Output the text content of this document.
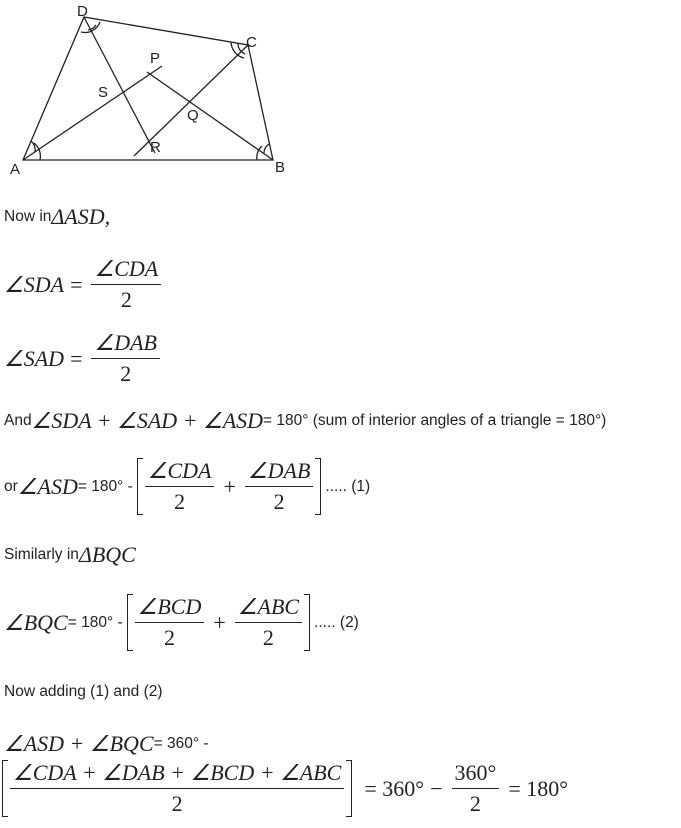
D
C
P
S
Q
R
A	B
Now in ΔASD,
∠SDA = $\frac{\text{∠CDA}}{2}$
∠SAD = $\frac{\text{∠DAB}}{2}$
And ∠SDA + ∠SAD + ∠ASD = 180° (sum of interior angles of a triangle = 180°)
or ∠ASD = $180^\circ - \frac{\text{∠CDA}}{2} + \frac{\text{∠DAB}}{2}$ ..... (1)
Similarly in ΔBQC
∠BQC = $180^\circ - \frac{\text{∠BCD}}{2} + \frac{\text{∠ABC}}{2}$ ..... (2)
Now adding (1) and (2)
∠ASD + ∠BQC = 360° -
$\frac{\text{∠CDA + ∠DAB + ∠BCD + ∠ABC}}{2} = 360^\circ - \frac{360^\circ}{2} = 180^\circ$
